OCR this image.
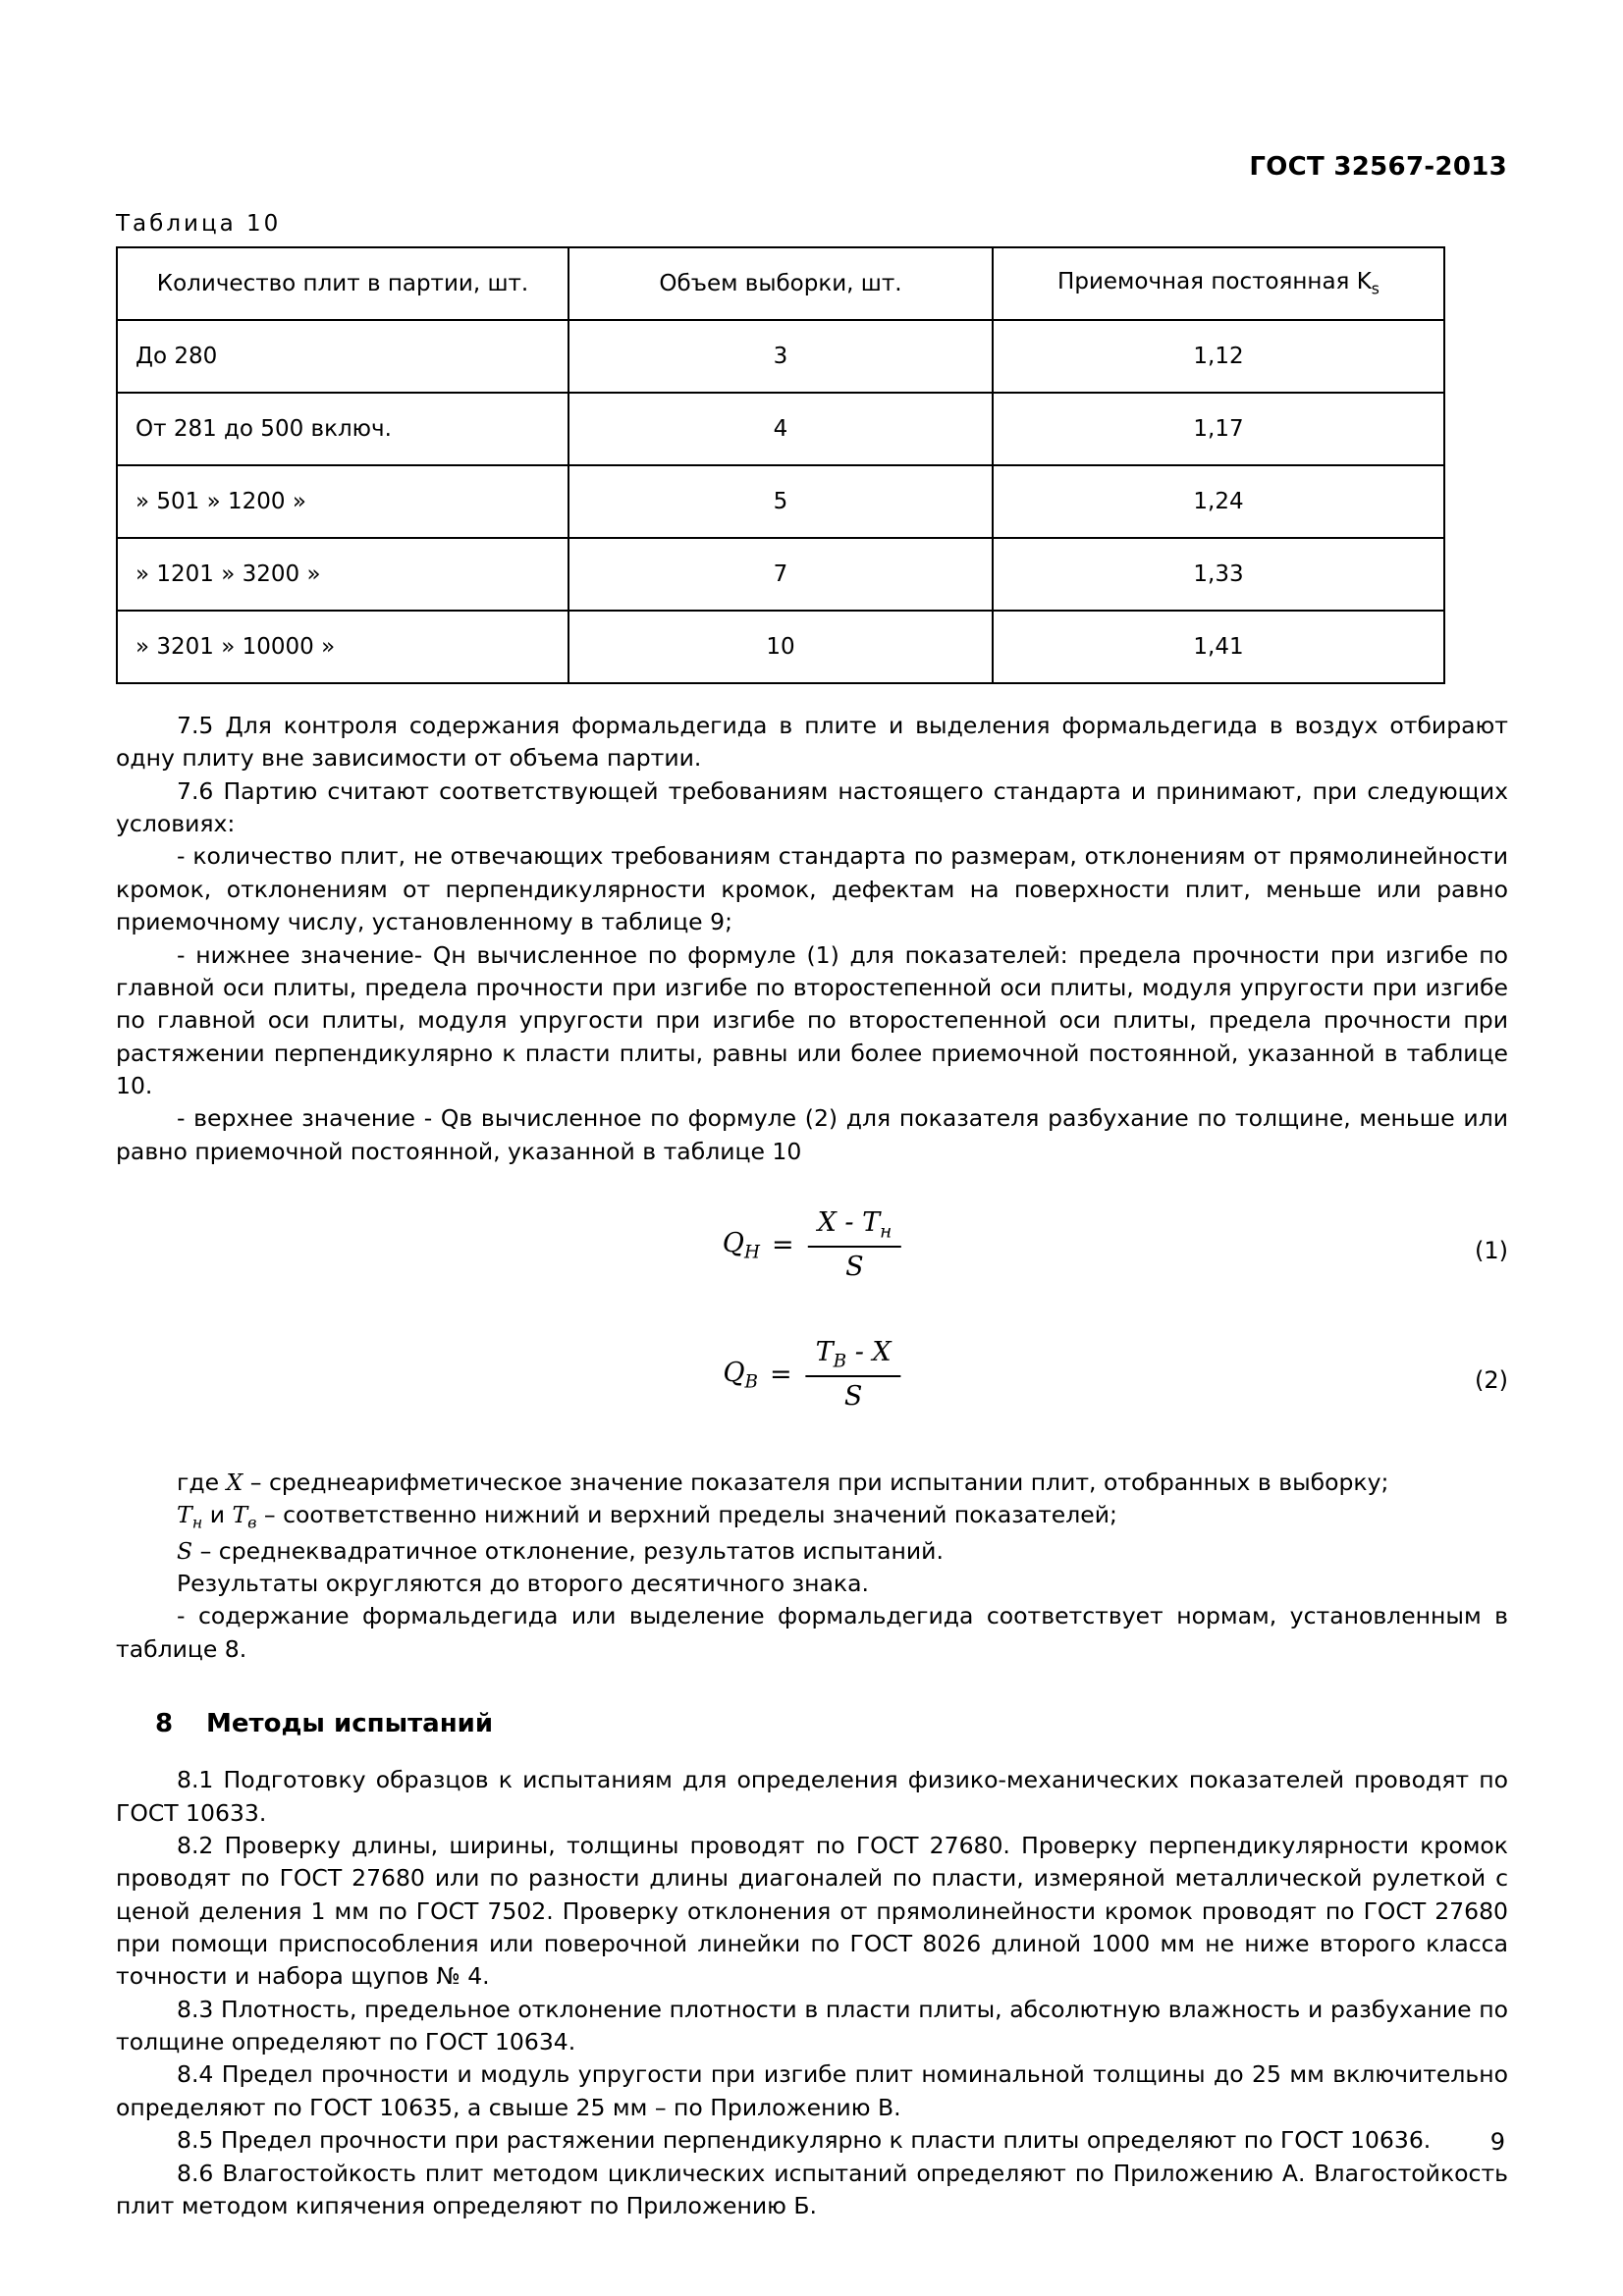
ГОСТ 32567-2013
Таблица 10
Количество плит в партии, шт.	Объем выборки, шт.	Приемочная постоянная $K_s$
До 280	3	1,12
От 281 до 500 включ.	4	1,17
» 501 » 1200 »	5	1,24
» 1201 » 3200 »	7	1,33
» 3201 » 10000 »	10	1,41

7.5 Для контроля содержания формальдегида в плите и выделения формальдегида в воздух отбирают одну плиту вне зависимости от объема партии.

7.6 Партию считают соответствующей требованиям настоящего стандарта и принимают, при следующих условиях:

- количество плит, не отвечающих требованиям стандарта по размерам, отклонениям от прямолинейности кромок, отклонениям от перпендикулярности кромок, дефектам на поверхности плит, меньше или равно приемочному числу, установленному в таблице 9;

- нижнее значение- Qн вычисленное по формуле (1) для показателей: предела прочности при изгибе по главной оси плиты, предела прочности при изгибе по второстепенной оси плиты, модуля упругости при изгибе по главной оси плиты, модуля упругости при изгибе по второстепенной оси плиты, предела прочности при растяжении перпендикулярно к пласти плиты, равны или более приемочной постоянной, указанной в таблице 10.

- верхнее значение - Qв вычисленное по формуле (2) для показателя разбухание по толщине, меньше или равно приемочной постоянной, указанной в таблице 10

$Q_Н = \frac{X - T_н}{S}$	(1)
$Q_В = \frac{T_В - X}{S}$	(2)

где X – среднеарифметическое значение показателя при испытании плит, отобранных в выборку;

$Т_н$ и $Т_в$ – соответственно нижний и верхний пределы значений показателей;

S – среднеквадратичное отклонение, результатов испытаний.

Результаты округляются до второго десятичного знака.

- содержание формальдегида или выделение формальдегида соответствует нормам, установленным в таблице 8.

8	Методы испытаний

8.1 Подготовку образцов к испытаниям для определения физико-механических показателей проводят по ГОСТ 10633.

8.2 Проверку длины, ширины, толщины проводят по ГОСТ 27680. Проверку перпендикулярности кромок проводят по ГОСТ 27680 или по разности длины диагоналей по пласти, измеряной металлической рулеткой с ценой деления 1 мм по ГОСТ 7502. Проверку отклонения от прямолинейности кромок проводят по ГОСТ 27680 при помощи приспособления или поверочной линейки по ГОСТ 8026 длиной 1000 мм не ниже второго класса точности и набора щупов № 4.

8.3 Плотность, предельное отклонение плотности в пласти плиты, абсолютную влажность и разбухание по толщине определяют по ГОСТ 10634.

8.4 Предел прочности и модуль упругости при изгибе плит номинальной толщины до 25 мм включительно определяют по ГОСТ 10635, а свыше 25 мм – по Приложению В.

8.5 Предел прочности при растяжении перпендикулярно к пласти плиты определяют по ГОСТ 10636.

8.6 Влагостойкость плит методом циклических испытаний определяют по Приложению А. Влагостойкость плит методом кипячения определяют по Приложению Б.

9
